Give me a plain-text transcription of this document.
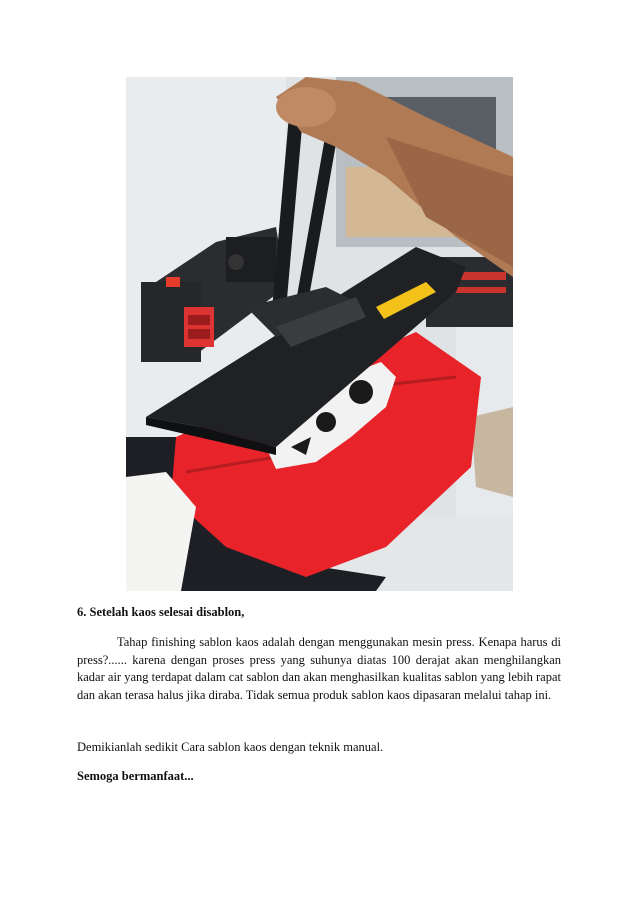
6. Setelah kaos selesai disablon,

Tahap finishing sablon kaos adalah dengan menggunakan mesin press. Kenapa harus di press?...... karena dengan proses press yang suhunya diatas 100 derajat akan menghilangkan kadar air yang terdapat dalam cat sablon dan akan menghasilkan kualitas sablon yang lebih rapat dan akan terasa halus jika diraba. Tidak semua produk sablon kaos dipasaran melalui tahap ini.

Demikianlah sedikit Cara sablon kaos dengan teknik manual.
Semoga bermanfaat...
